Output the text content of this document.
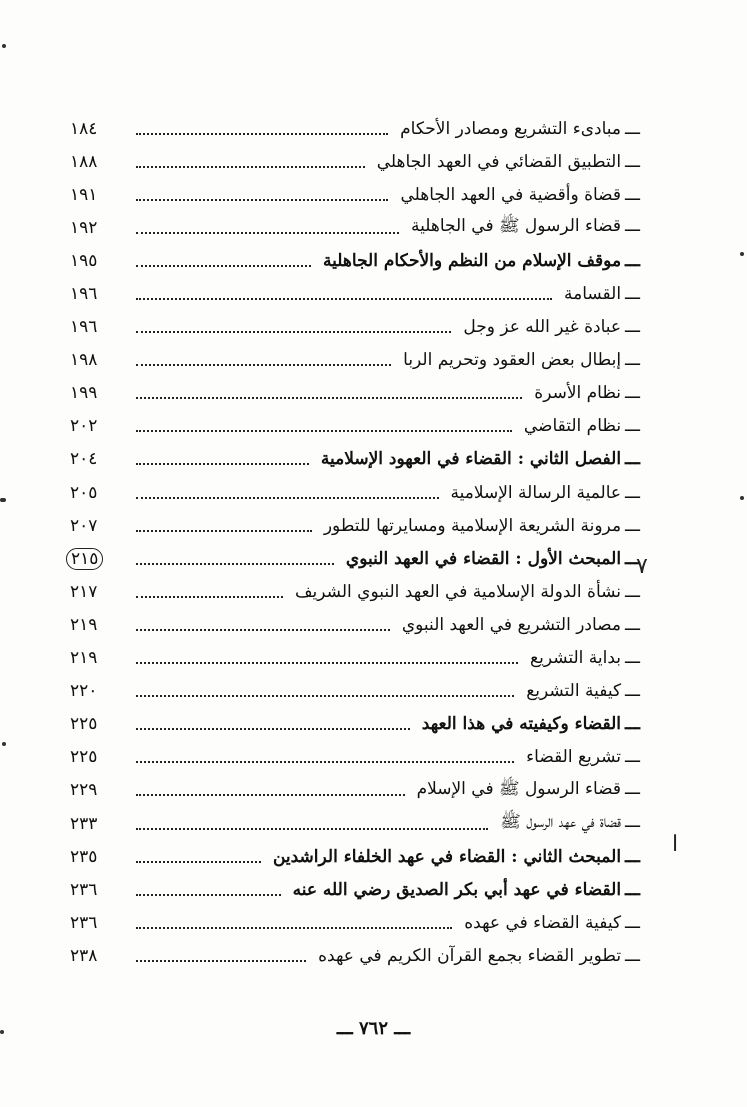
ـــمبادىء التشريع ومصادر الأحكام
١٨٤
ـــالتطبيق القضائي في العهد الجاهلي
١٨٨
ـــقضاة وأقضية في العهد الجاهلي
١٩١
ـــقضاء الرسول ﷺ في الجاهلية
١٩٢
ـــموقف الإسلام من النظم والأحكام الجاهلية
١٩٥
ـــالقسامة
١٩٦
ـــعبادة غير الله عز وجل
١٩٦
ـــإبطال بعض العقود وتحريم الربا
١٩٨
ـــنظام الأسرة
١٩٩
ـــنظام التقاضي
٢٠٢
ـــالفصل الثاني : القضاء في العهود الإسلامية
٢٠٤
ـــعالمية الرسالة الإسلامية
٢٠٥
ـــمرونة الشريعة الإسلامية ومسايرتها للتطور
٢٠٧
ـــالمبحث الأول : القضاء في العهد النبوي
٢١٥
ـــنشأة الدولة الإسلامية في العهد النبوي الشريف
٢١٧
ـــمصادر التشريع في العهد النبوي
٢١٩
ـــبداية التشريع
٢١٩
ـــكيفية التشريع
٢٢٠
ـــالقضاء وكيفيته في هذا العهد
٢٢٥
ـــتشريع القضاء
٢٢٥
ـــقضاء الرسول ﷺ في الإسلام
٢٢٩
ـــقضاة في عهد الرسول ﷺ
٢٣٣
ـــالمبحث الثاني : القضاء في عهد الخلفاء الراشدين
٢٣٥
ـــالقضاء في عهد أبي بكر الصديق رضي الله عنه
٢٣٦
ـــكيفية القضاء في عهده
٢٣٦
ـــتطوير القضاء بجمع القرآن الكريم في عهده
٢٣٨
ـــ ٧٦٢ ـــ
٧
ا
